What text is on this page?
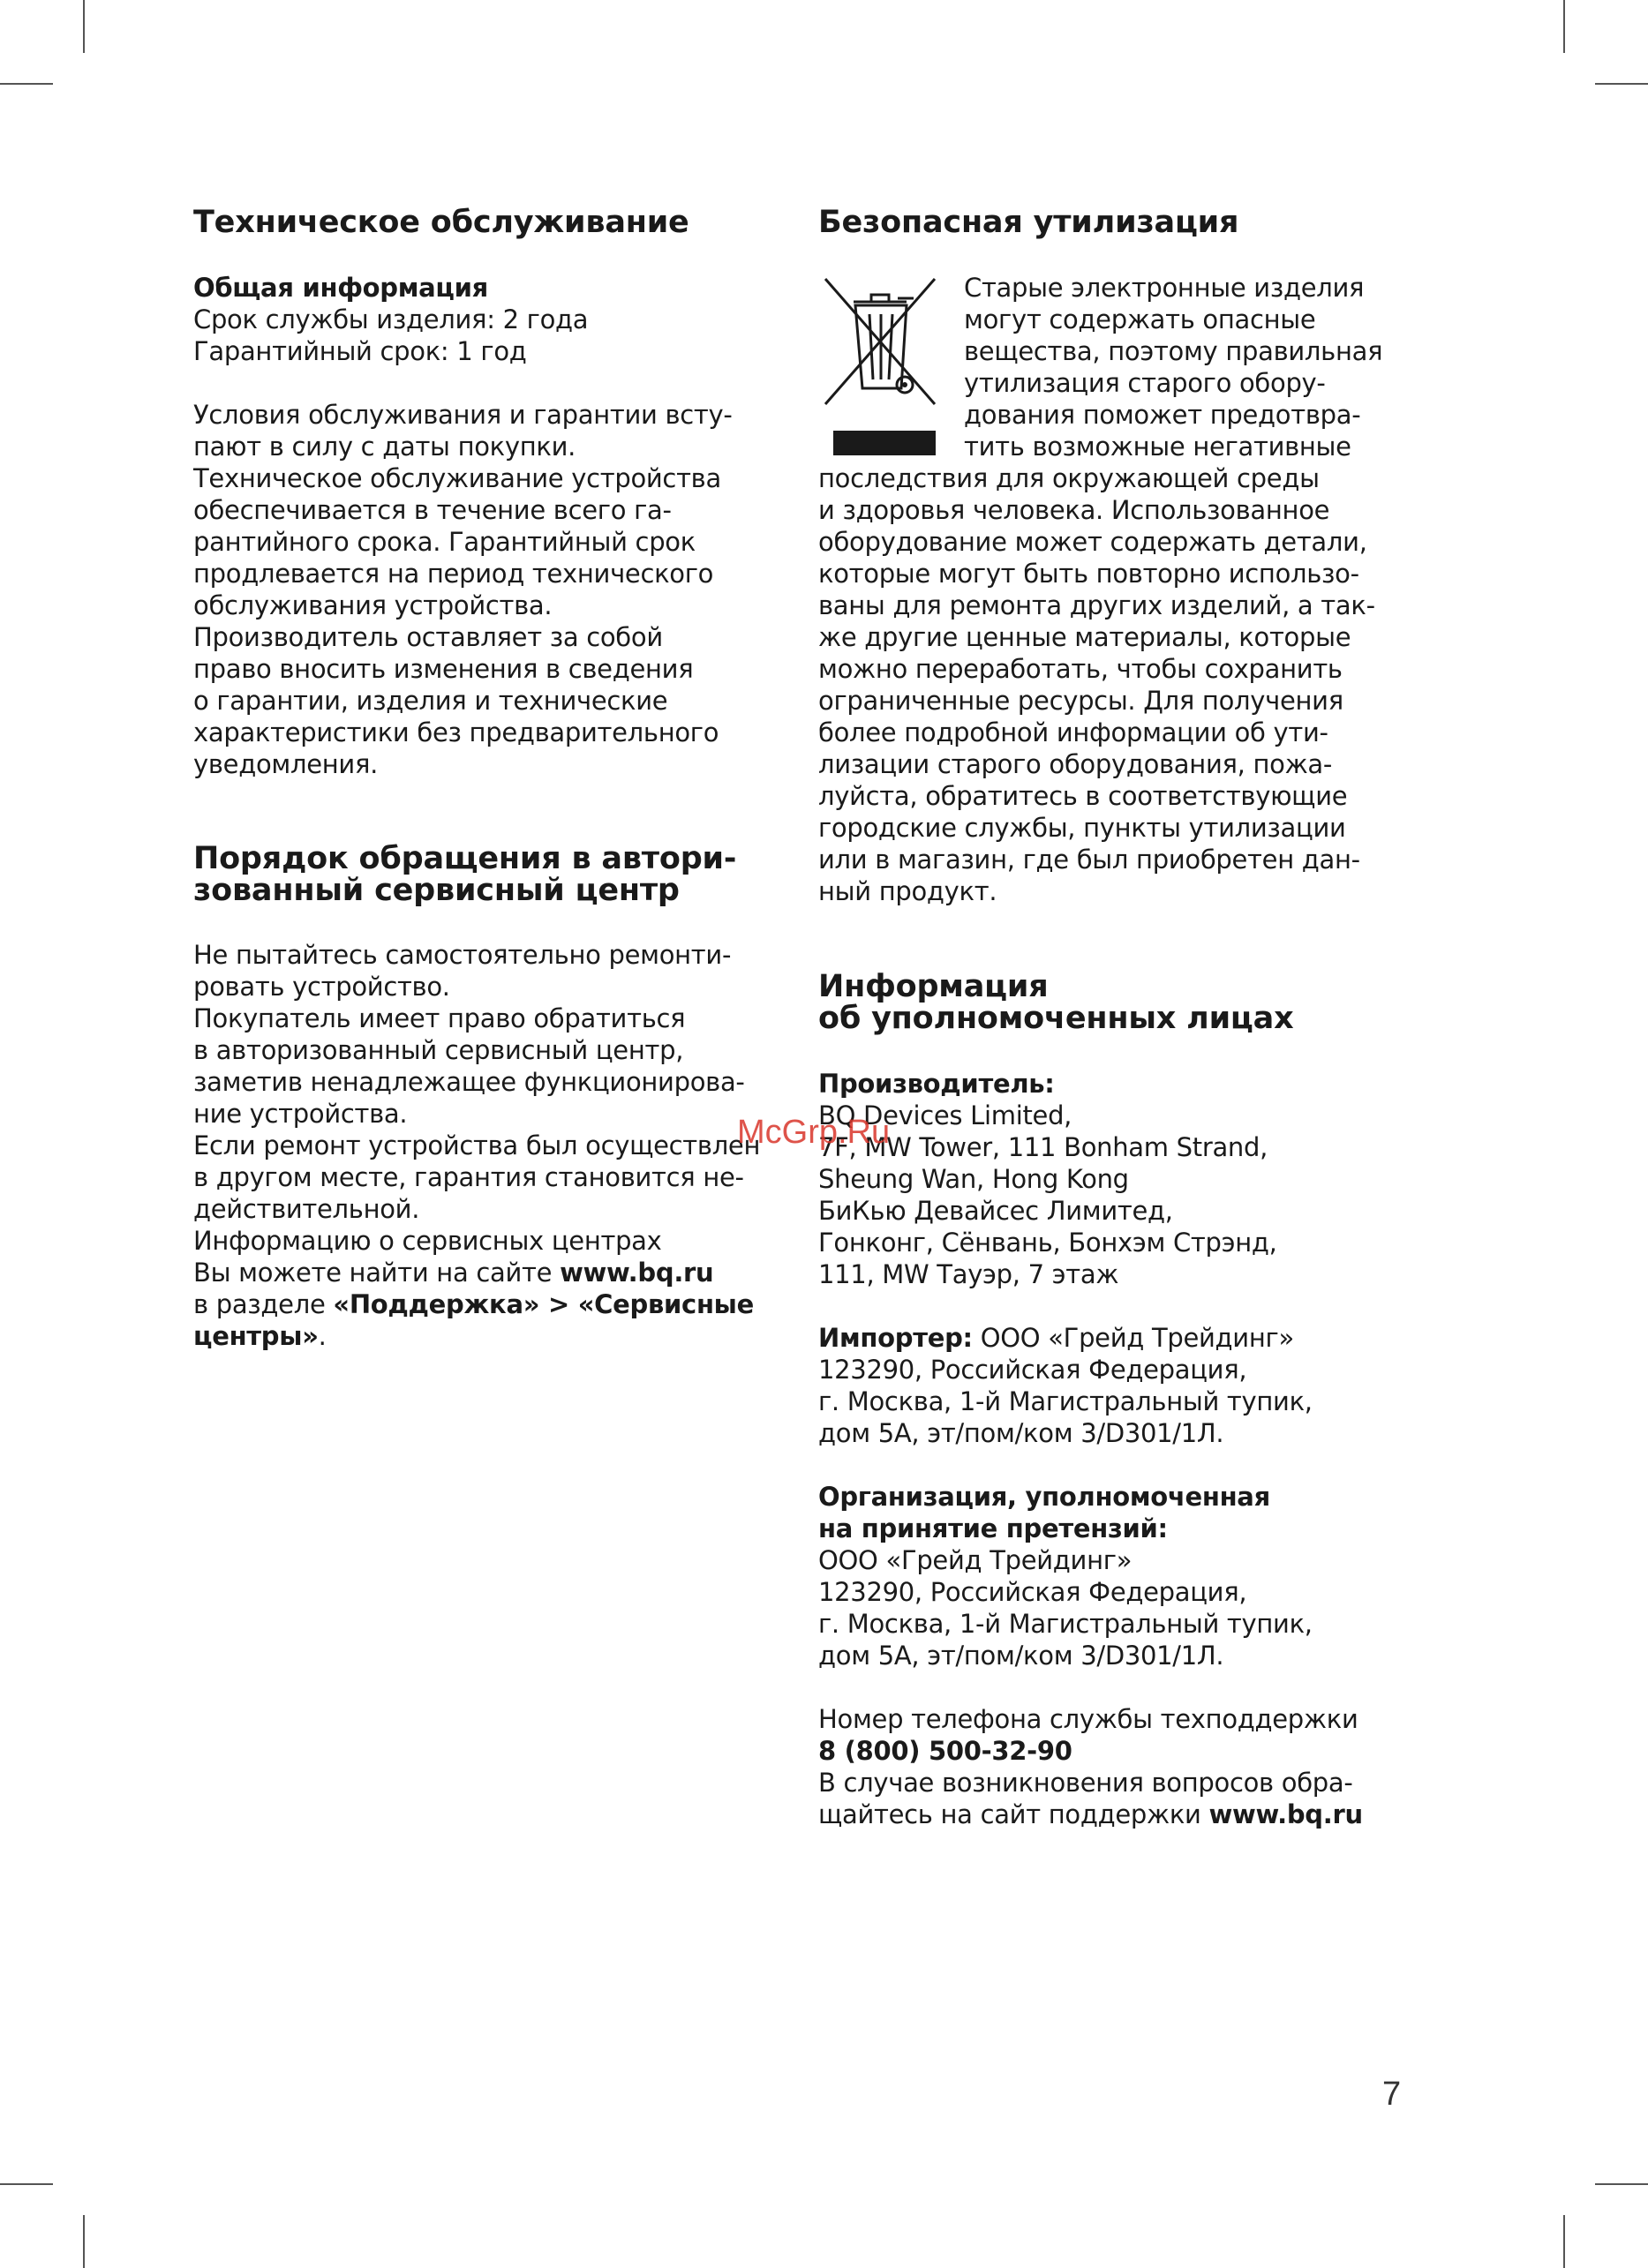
Техническое обслуживание
Общая информация
Срок службы изделия: 2 года
Гарантийный срок: 1 год
Условия обслуживания и гарантии всту-
пают в силу с даты покупки.
Техническое обслуживание устройства
обеспечивается в течение всего га-
рантийного срока. Гарантийный срок
продлевается на период технического
обслуживания устройства.
Производитель оставляет за собой
право вносить изменения в сведения
о гарантии, изделия и технические
характеристики без предварительного
уведомления.
Порядок обращения в автори-
зованный сервисный центр
Не пытайтесь самостоятельно ремонти-
ровать устройство.
Покупатель имеет право обратиться
в авторизованный сервисный центр,
заметив ненадлежащее функционирова-
ние устройства.
Если ремонт устройства был осуществлен
в другом месте, гарантия становится не-
действительной.
Информацию о сервисных центрах
Вы можете найти на сайте www.bq.ru
в разделе «Поддержка» > «Сервисные
центры».
Безопасная утилизация
Старые электронные изделия
могут содержать опасные
вещества, поэтому правильная
утилизация старого обору-
дования поможет предотвра-
тить возможные негативные
последствия для окружающей среды
и здоровья человека. Использованное
оборудование может содержать детали,
которые могут быть повторно использо-
ваны для ремонта других изделий, а так-
же другие ценные материалы, которые
можно переработать, чтобы сохранить
ограниченные ресурсы. Для получения
более подробной информации об ути-
лизации старого оборудования, пожа-
луйста, обратитесь в соответствующие
городские службы, пункты утилизации
или в магазин, где был приобретен дан-
ный продукт.
Информация
об уполномоченных лицах
Производитель:
BQ Devices Limited,
7F, MW Tower, 111 Bonham Strand,
Sheung Wan, Hong Kong
БиКью Девайсес Лимитед,
Гонконг, Сёнвань, Бонхэм Стрэнд,
111, MW Тауэр, 7 этаж
Импортер: ООО «Грейд Трейдинг»
123290, Российская Федерация,
г. Москва, 1-й Магистральный тупик,
дом 5А, эт/пом/ком 3/D301/1Л.
Организация, уполномоченная
на принятие претензий:
ООО «Грейд Трейдинг»
123290, Российская Федерация,
г. Москва, 1-й Магистральный тупик,
дом 5А, эт/пом/ком 3/D301/1Л.
Номер телефона службы техподдержки
8 (800) 500-32-90
В случае возникновения вопросов обра-
щайтесь на сайт поддержки www.bq.ru
McGrp.Ru
7
